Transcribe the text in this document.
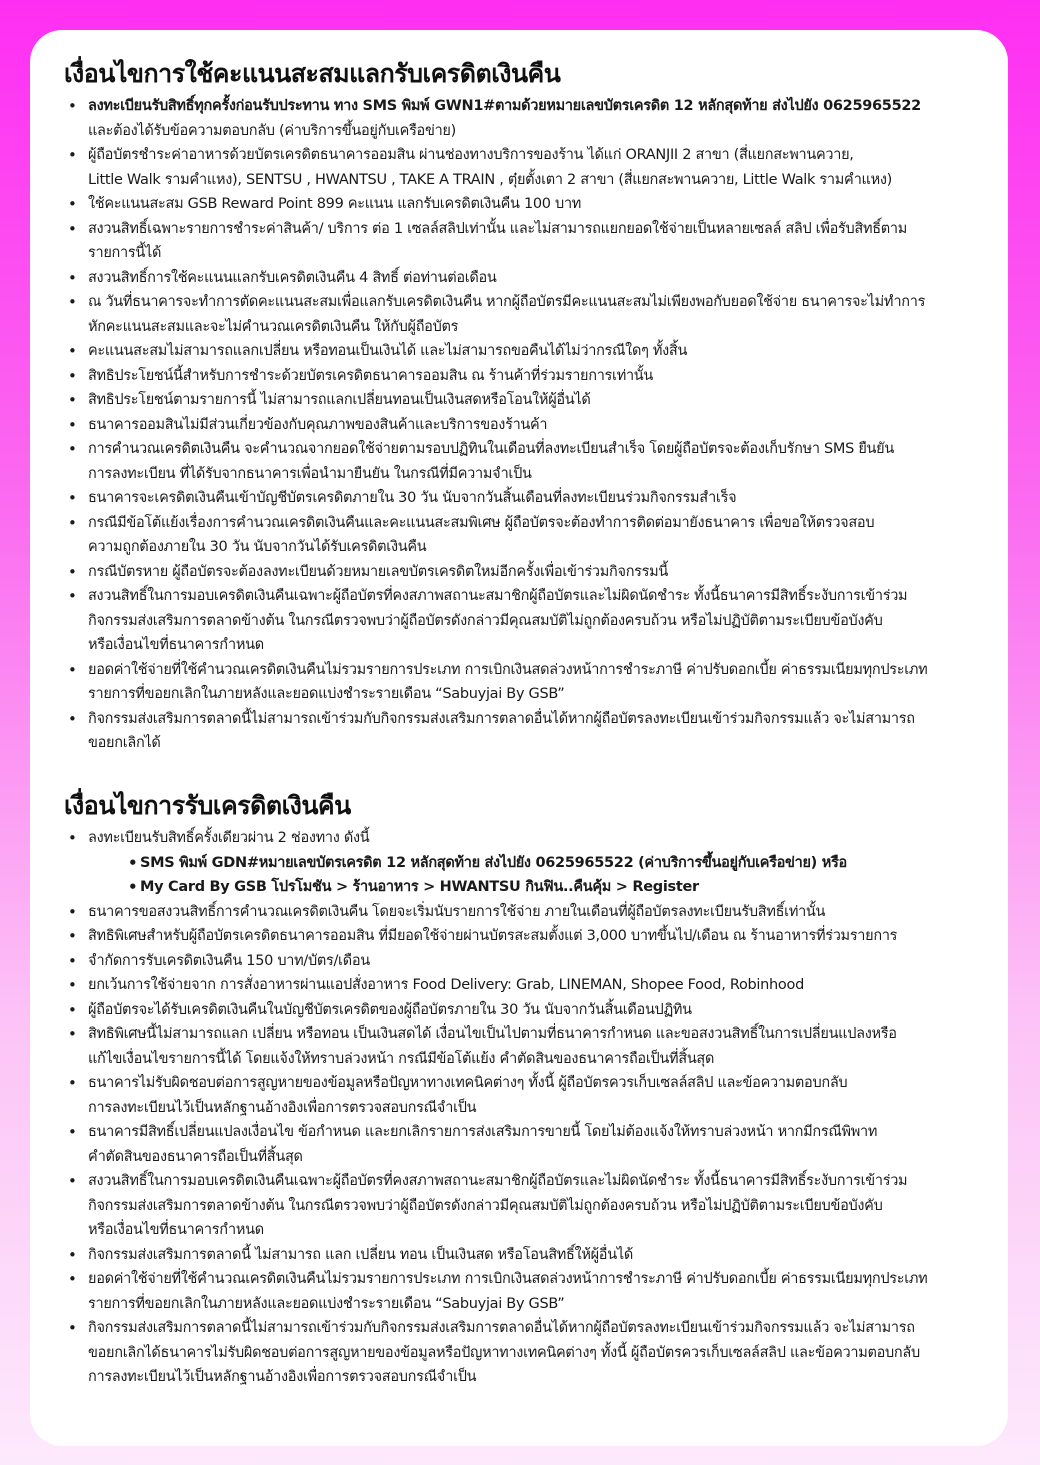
เงื่อนไขการใช้คะแนนสะสมแลกรับเครดิตเงินคืน
• ลงทะเบียนรับสิทธิ์ทุกครั้งก่อนรับประทาน ทาง SMS พิมพ์ GWN1#ตามด้วยหมายเลขบัตรเครดิต 12 หลักสุดท้าย ส่งไปยัง 0625965522
และต้องได้รับข้อความตอบกลับ (ค่าบริการขึ้นอยู่กับเครือข่าย)
• ผู้ถือบัตรชำระค่าอาหารด้วยบัตรเครดิตธนาคารออมสิน ผ่านช่องทางบริการของร้าน ได้แก่ ORANJII 2 สาขา (สี่แยกสะพานควาย,
Little Walk รามคำแหง), SENTSU , HWANTSU , TAKE A TRAIN , ตุ๋ยตั้งเตา 2 สาขา (สี่แยกสะพานควาย, Little Walk รามคำแหง)
• ใช้คะแนนสะสม GSB Reward Point 899 คะแนน แลกรับเครดิตเงินคืน 100 บาท
• สงวนสิทธิ์เฉพาะรายการชำระค่าสินค้า/ บริการ ต่อ 1 เซลล์สลิปเท่านั้น และไม่สามารถแยกยอดใช้จ่ายเป็นหลายเซลล์ สลิป เพื่อรับสิทธิ์ตาม
รายการนี้ได้
• สงวนสิทธิ์การใช้คะแนนแลกรับเครดิตเงินคืน 4 สิทธิ์ ต่อท่านต่อเดือน
• ณ วันที่ธนาคารจะทำการตัดคะแนนสะสมเพื่อแลกรับเครดิตเงินคืน หากผู้ถือบัตรมีคะแนนสะสมไม่เพียงพอกับยอดใช้จ่าย ธนาคารจะไม่ทำการ
หักคะแนนสะสมและจะไม่คำนวณเครดิตเงินคืน ให้กับผู้ถือบัตร
• คะแนนสะสมไม่สามารถแลกเปลี่ยน หรือทอนเป็นเงินได้ และไม่สามารถขอคืนได้ไม่ว่ากรณีใดๆ ทั้งสิ้น
• สิทธิประโยชน์นี้สำหรับการชำระด้วยบัตรเครดิตธนาคารออมสิน ณ ร้านค้าที่ร่วมรายการเท่านั้น
• สิทธิประโยชน์ตามรายการนี้ ไม่สามารถแลกเปลี่ยนทอนเป็นเงินสดหรือโอนให้ผู้อื่นได้
• ธนาคารออมสินไม่มีส่วนเกี่ยวข้องกับคุณภาพของสินค้าและบริการของร้านค้า
• การคำนวณเครดิตเงินคืน จะคำนวณจากยอดใช้จ่ายตามรอบปฏิทินในเดือนที่ลงทะเบียนสำเร็จ โดยผู้ถือบัตรจะต้องเก็บรักษา SMS ยืนยัน
การลงทะเบียน ที่ได้รับจากธนาคารเพื่อนำมายืนยัน ในกรณีที่มีความจำเป็น
• ธนาคารจะเครดิตเงินคืนเข้าบัญชีบัตรเครดิตภายใน 30 วัน นับจากวันสิ้นเดือนที่ลงทะเบียนร่วมกิจกรรมสำเร็จ
• กรณีมีข้อโต้แย้งเรื่องการคำนวณเครดิตเงินคืนและคะแนนสะสมพิเศษ ผู้ถือบัตรจะต้องทำการติดต่อมายังธนาคาร เพื่อขอให้ตรวจสอบ
ความถูกต้องภายใน 30 วัน นับจากวันได้รับเครดิตเงินคืน
• กรณีบัตรหาย ผู้ถือบัตรจะต้องลงทะเบียนด้วยหมายเลขบัตรเครดิตใหม่อีกครั้งเพื่อเข้าร่วมกิจกรรมนี้
• สงวนสิทธิ์ในการมอบเครดิตเงินคืนเฉพาะผู้ถือบัตรที่คงสภาพสถานะสมาชิกผู้ถือบัตรและไม่ผิดนัดชำระ ทั้งนี้ธนาคารมีสิทธิ์ระงับการเข้าร่วม
กิจกรรมส่งเสริมการตลาดข้างต้น ในกรณีตรวจพบว่าผู้ถือบัตรดังกล่าวมีคุณสมบัติไม่ถูกต้องครบถ้วน หรือไม่ปฏิบัติตามระเบียบข้อบังคับ
หรือเงื่อนไขที่ธนาคารกำหนด
• ยอดค่าใช้จ่ายที่ใช้คำนวณเครดิตเงินคืนไม่รวมรายการประเภท การเบิกเงินสดล่วงหน้าการชำระภาษี ค่าปรับดอกเบี้ย ค่าธรรมเนียมทุกประเภท
รายการที่ขอยกเลิกในภายหลังและยอดแบ่งชำระรายเดือน “Sabuyjai By GSB”
• กิจกรรมส่งเสริมการตลาดนี้ไม่สามารถเข้าร่วมกับกิจกรรมส่งเสริมการตลาดอื่นได้หากผู้ถือบัตรลงทะเบียนเข้าร่วมกิจกรรมแล้ว จะไม่สามารถ
ขอยกเลิกได้
เงื่อนไขการรับเครดิตเงินคืน
• ลงทะเบียนรับสิทธิ์ครั้งเดียวผ่าน 2 ช่องทาง ดังนี้
• SMS พิมพ์ GDN#หมายเลขบัตรเครดิต 12 หลักสุดท้าย ส่งไปยัง 0625965522 (ค่าบริการขึ้นอยู่กับเครือข่าย) หรือ
• My Card By GSB โปรโมชัน > ร้านอาหาร > HWANTSU กินฟิน..คืนคุ้ม > Register
• ธนาคารขอสงวนสิทธิ์การคำนวณเครดิตเงินคืน โดยจะเริ่มนับรายการใช้จ่าย ภายในเดือนที่ผู้ถือบัตรลงทะเบียนรับสิทธิ์เท่านั้น
• สิทธิพิเศษสำหรับผู้ถือบัตรเครดิตธนาคารออมสิน ที่มียอดใช้จ่ายผ่านบัตรสะสมตั้งแต่ 3,000 บาทขึ้นไป/เดือน ณ ร้านอาหารที่ร่วมรายการ
• จำกัดการรับเครดิตเงินคืน 150 บาท/บัตร/เดือน
• ยกเว้นการใช้จ่ายจาก การสั่งอาหารผ่านแอปสั่งอาหาร Food Delivery: Grab, LINEMAN, Shopee Food, Robinhood
• ผู้ถือบัตรจะได้รับเครดิตเงินคืนในบัญชีบัตรเครดิตของผู้ถือบัตรภายใน 30 วัน นับจากวันสิ้นเดือนปฏิทิน
• สิทธิพิเศษนี้ไม่สามารถแลก เปลี่ยน หรือทอน เป็นเงินสดได้ เงื่อนไขเป็นไปตามที่ธนาคารกำหนด และขอสงวนสิทธิ์ในการเปลี่ยนแปลงหรือ
แก้ไขเงื่อนไขรายการนี้ได้ โดยแจ้งให้ทราบล่วงหน้า กรณีมีข้อโต้แย้ง คำตัดสินของธนาคารถือเป็นที่สิ้นสุด
• ธนาคารไม่รับผิดชอบต่อการสูญหายของข้อมูลหรือปัญหาทางเทคนิคต่างๆ ทั้งนี้ ผู้ถือบัตรควรเก็บเซลล์สลิป และข้อความตอบกลับ
การลงทะเบียนไว้เป็นหลักฐานอ้างอิงเพื่อการตรวจสอบกรณีจำเป็น
• ธนาคารมีสิทธิ์เปลี่ยนแปลงเงื่อนไข ข้อกำหนด และยกเลิกรายการส่งเสริมการขายนี้ โดยไม่ต้องแจ้งให้ทราบล่วงหน้า หากมีกรณีพิพาท
คำตัดสินของธนาคารถือเป็นที่สิ้นสุด
• สงวนสิทธิ์ในการมอบเครดิตเงินคืนเฉพาะผู้ถือบัตรที่คงสภาพสถานะสมาชิกผู้ถือบัตรและไม่ผิดนัดชำระ ทั้งนี้ธนาคารมีสิทธิ์ระงับการเข้าร่วม
กิจกรรมส่งเสริมการตลาดข้างต้น ในกรณีตรวจพบว่าผู้ถือบัตรดังกล่าวมีคุณสมบัติไม่ถูกต้องครบถ้วน หรือไม่ปฏิบัติตามระเบียบข้อบังคับ
หรือเงื่อนไขที่ธนาคารกำหนด
• กิจกรรมส่งเสริมการตลาดนี้ ไม่สามารถ แลก เปลี่ยน ทอน เป็นเงินสด หรือโอนสิทธิ์ให้ผู้อื่นได้
• ยอดค่าใช้จ่ายที่ใช้คำนวณเครดิตเงินคืนไม่รวมรายการประเภท การเบิกเงินสดล่วงหน้าการชำระภาษี ค่าปรับดอกเบี้ย ค่าธรรมเนียมทุกประเภท
รายการที่ขอยกเลิกในภายหลังและยอดแบ่งชำระรายเดือน “Sabuyjai By GSB”
• กิจกรรมส่งเสริมการตลาดนี้ไม่สามารถเข้าร่วมกับกิจกรรมส่งเสริมการตลาดอื่นได้หากผู้ถือบัตรลงทะเบียนเข้าร่วมกิจกรรมแล้ว จะไม่สามารถ
ขอยกเลิกได้ธนาคารไม่รับผิดชอบต่อการสูญหายของข้อมูลหรือปัญหาทางเทคนิคต่างๆ ทั้งนี้ ผู้ถือบัตรควรเก็บเซลล์สลิป และข้อความตอบกลับ
การลงทะเบียนไว้เป็นหลักฐานอ้างอิงเพื่อการตรวจสอบกรณีจำเป็น
